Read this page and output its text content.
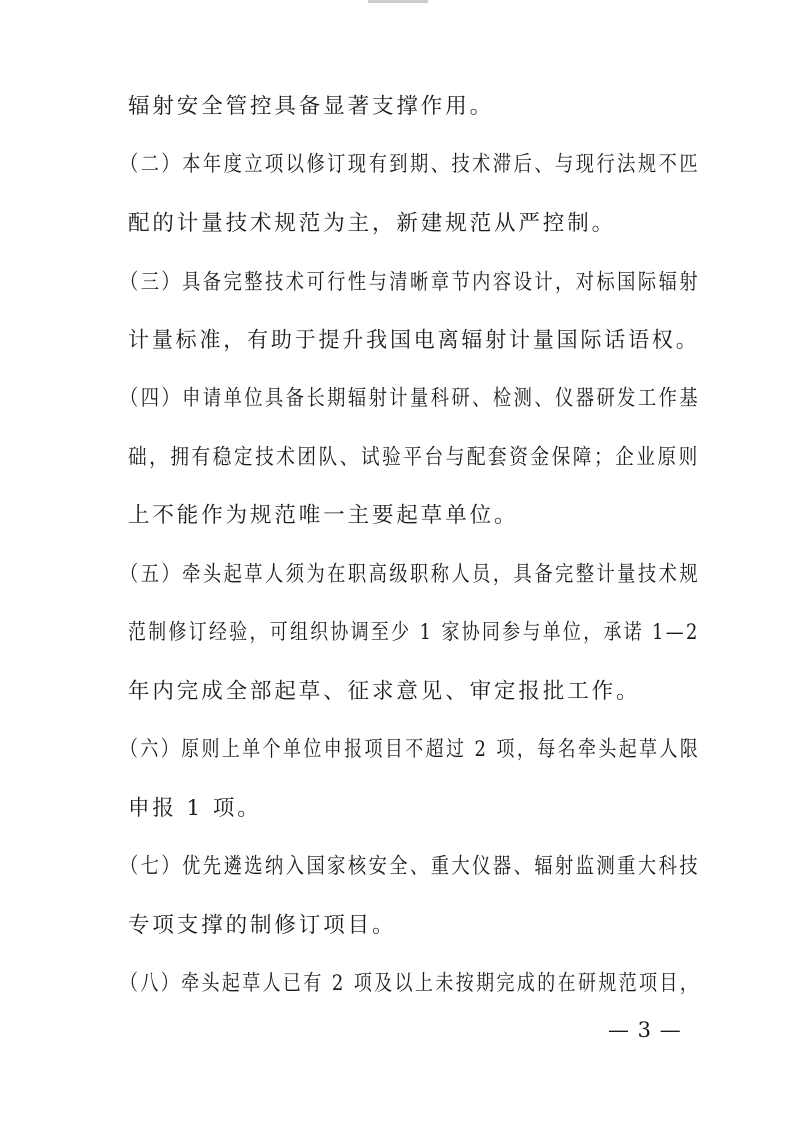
辐射安全管控具备显著支撑作用。
（二）本年度立项以修订现有到期、技术滞后、与现行法规不匹
配的计量技术规范为主，新建规范从严控制。
（三）具备完整技术可行性与清晰章节内容设计，对标国际辐射
计量标准，有助于提升我国电离辐射计量国际话语权。
（四）申请单位具备长期辐射计量科研、检测、仪器研发工作基
础，拥有稳定技术团队、试验平台与配套资金保障；企业原则
上不能作为规范唯一主要起草单位。
（五）牵头起草人须为在职高级职称人员，具备完整计量技术规
范制修订经验，可组织协调至少 1 家协同参与单位，承诺 1—2
年内完成全部起草、征求意见、审定报批工作。
（六）原则上单个单位申报项目不超过 2 项，每名牵头起草人限
申报 1 项。
（七）优先遴选纳入国家核安全、重大仪器、辐射监测重大科技
专项支撑的制修订项目。
（八）牵头起草人已有 2 项及以上未按期完成的在研规范项目，
— 3 —
